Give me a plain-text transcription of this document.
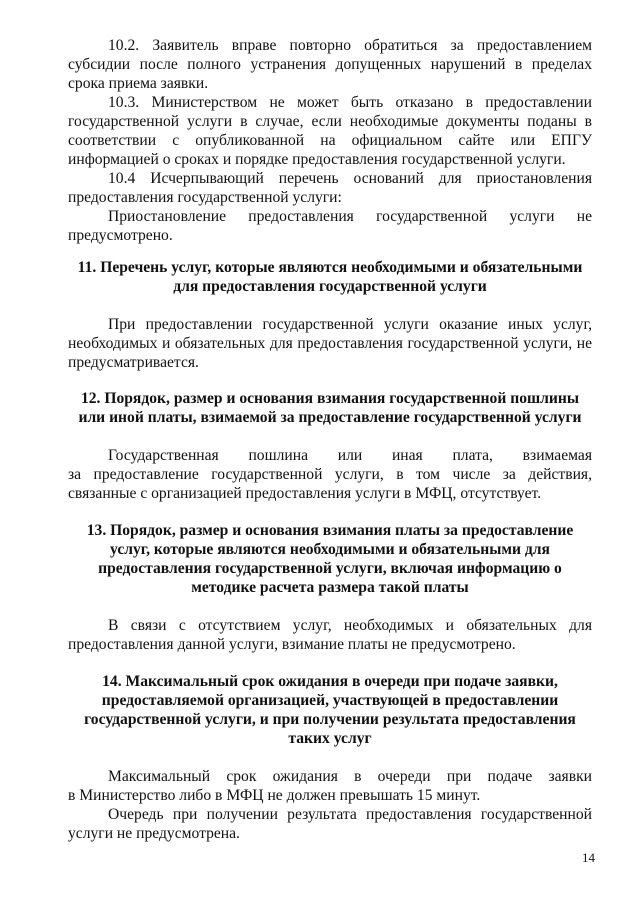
10.2. Заявитель вправе повторно обратиться за предоставлением субсидии после полного устранения допущенных нарушений в пределах срока приема заявки.

10.3. Министерством не может быть отказано в предоставлении государственной услуги в случае, если необходимые документы поданы в соответствии с опубликованной на официальном сайте или ЕПГУ информацией о сроках и порядке предоставления государственной услуги.

10.4 Исчерпывающий перечень оснований для приостановления предоставления государственной услуги:

Приостановление предоставления государственной услуги не предусмотрено.

11. Перечень услуг, которые являются необходимыми и обязательными для предоставления государственной услуги

При предоставлении государственной услуги оказание иных услуг, необходимых и обязательных для предоставления государственной услуги, не предусматривается.

12. Порядок, размер и основания взимания государственной пошлины или иной платы, взимаемой за предоставление государственной услуги

Государственная пошлина или иная плата, взимаемая

за предоставление государственной услуги, в том числе за действия, связанные с организацией предоставления услуги в МФЦ, отсутствует.

13. Порядок, размер и основания взимания платы за предоставление услуг, которые являются необходимыми и обязательными для предоставления государственной услуги, включая информацию о методике расчета размера такой платы

В связи с отсутствием услуг, необходимых и обязательных для предоставления данной услуги, взимание платы не предусмотрено.

14. Максимальный срок ожидания в очереди при подаче заявки, предоставляемой организацией, участвующей в предоставлении государственной услуги, и при получении результата предоставления таких услуг

Максимальный срок ожидания в очереди при подаче заявки

в Министерство либо в МФЦ не должен превышать 15 минут.

Очередь при получении результата предоставления государственной услуги не предусмотрена.

14
